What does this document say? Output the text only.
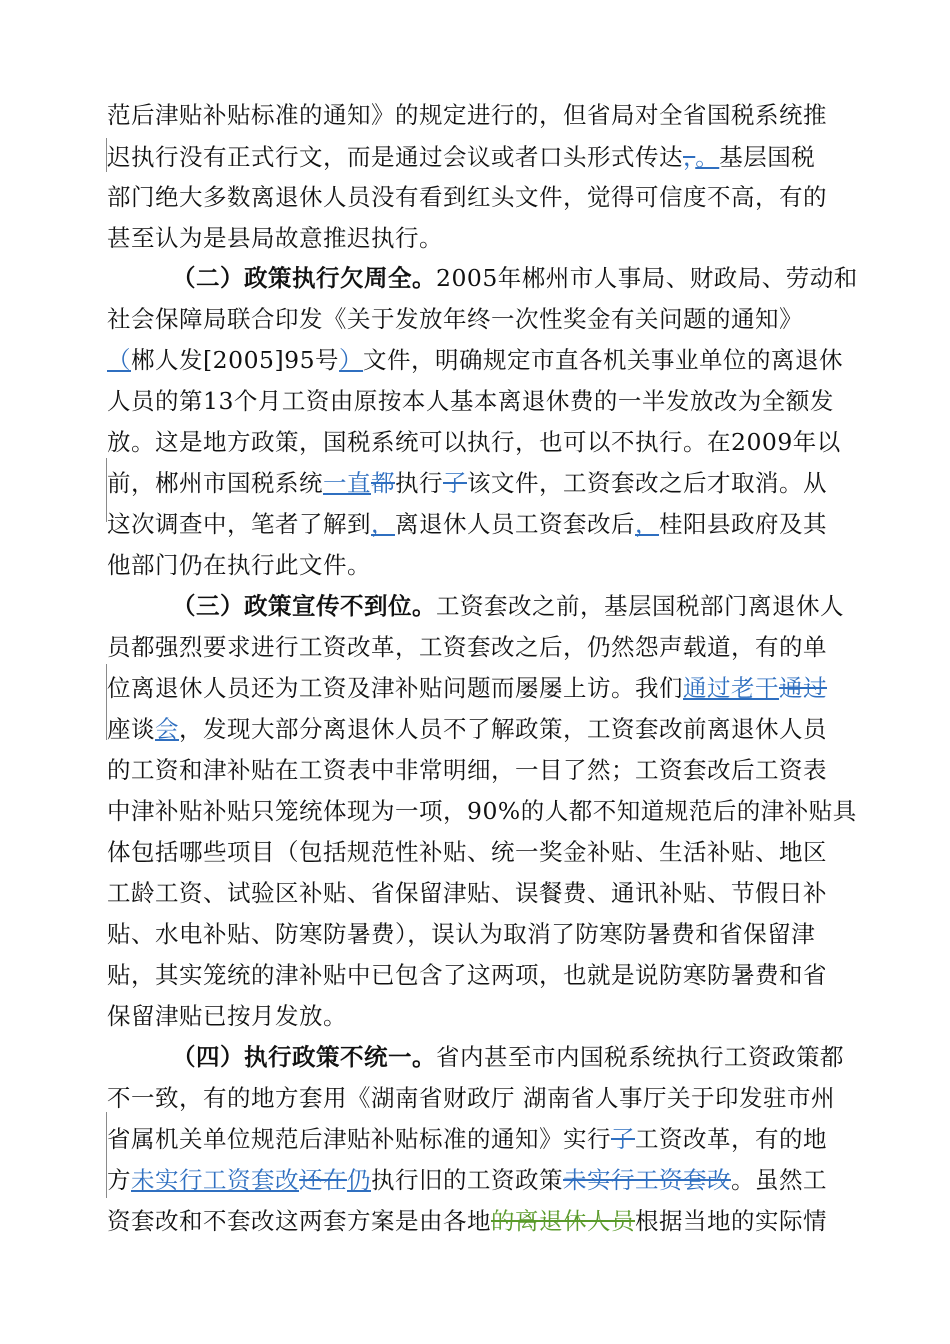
范后津贴补贴标准的通知》的规定进行的，但省局对全省国税系统推
迟执行没有正式行文，而是通过会议或者口头形式传达，。基层国税
部门绝大多数离退休人员没有看到红头文件，觉得可信度不高，有的
甚至认为是县局故意推迟执行。
（二）政策执行欠周全。2005年郴州市人事局、财政局、劳动和
社会保障局联合印发《关于发放年终一次性奖金有关问题的通知》
（郴人发[2005]95号）文件，明确规定市直各机关事业单位的离退休
人员的第13个月工资由原按本人基本离退休费的一半发放改为全额发
放。这是地方政策，国税系统可以执行，也可以不执行。在2009年以
前，郴州市国税系统一直都执行了该文件，工资套改之后才取消。从
这次调查中，笔者了解到，离退休人员工资套改后，桂阳县政府及其
他部门仍在执行此文件。
（三）政策宣传不到位。工资套改之前，基层国税部门离退休人
员都强烈要求进行工资改革，工资套改之后，仍然怨声载道，有的单
位离退休人员还为工资及津补贴问题而屡屡上访。我们通过老干通过
座谈会，发现大部分离退休人员不了解政策，工资套改前离退休人员
的工资和津补贴在工资表中非常明细，一目了然；工资套改后工资表
中津补贴补贴只笼统体现为一项，90%的人都不知道规范后的津补贴具
体包括哪些项目（包括规范性补贴、统一奖金补贴、生活补贴、地区
工龄工资、试验区补贴、省保留津贴、误餐费、通讯补贴、节假日补
贴、水电补贴、防寒防暑费），误认为取消了防寒防暑费和省保留津
贴，其实笼统的津补贴中已包含了这两项，也就是说防寒防暑费和省
保留津贴已按月发放。
（四）执行政策不统一。省内甚至市内国税系统执行工资政策都
不一致，有的地方套用《湖南省财政厅 湖南省人事厅关于印发驻市州
省属机关单位规范后津贴补贴标准的通知》实行了工资改革，有的地
方未实行工资套改还在仍执行旧的工资政策未实行工资套改。虽然工
资套改和不套改这两套方案是由各地的离退休人员根据当地的实际情
